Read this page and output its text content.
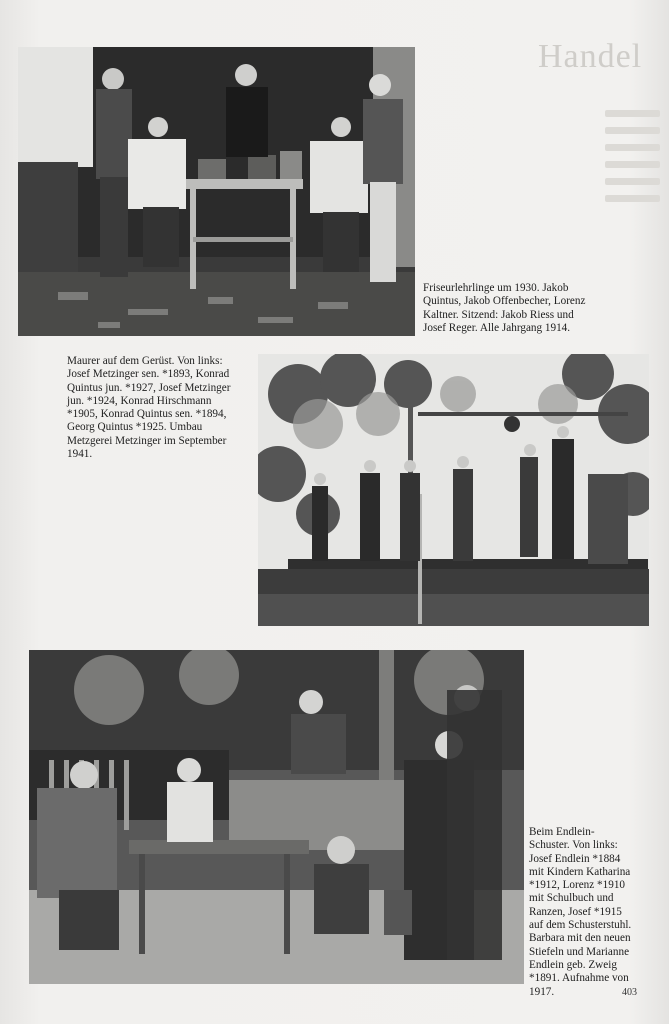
Handel
Friseurlehrlinge um 1930. Jakob
Quintus, Jakob Offenbecher, Lorenz
Kaltner. Sitzend: Jakob Riess und
Josef Reger. Alle Jahrgang 1914.
Maurer auf dem Gerüst. Von links:
Josef Metzinger sen. *1893, Konrad
Quintus jun. *1927, Josef Metzinger
jun. *1924, Konrad Hirschmann
*1905, Konrad Quintus sen. *1894,
Georg Quintus *1925. Umbau
Metzgerei Metzinger im September
1941.
Beim Endlein-
Schuster. Von links:
Josef Endlein *1884
mit Kindern Katharina
*1912, Lorenz *1910
mit Schulbuch und
Ranzen, Josef *1915
auf dem Schusterstuhl.
Barbara mit den neuen
Stiefeln und Marianne
Endlein geb. Zweig
*1891. Aufnahme von
1917.	403
